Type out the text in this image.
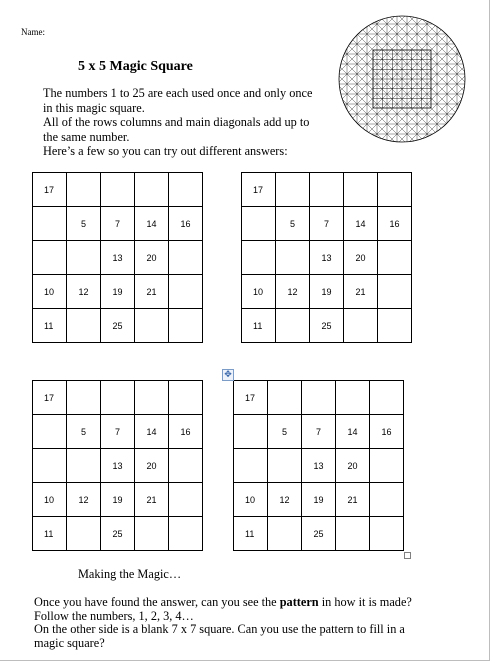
Name:
5 x 5 Magic Square

The numbers 1 to 25 are each used once and only once in this magic square.

All of the rows columns and main diagonals add up to the same number.

Here’s a few so you can try out different answers:

17				
	5	7	14	16
		13	20	
10	12	19	21	
11		25		
17				
	5	7	14	16
		13	20	
10	12	19	21	
11		25		
17				
	5	7	14	16
		13	20	
10	12	19	21	
11		25		
17				
	5	7	14	16
		13	20	
10	12	19	21	
11		25		
✥
Making the Magic…

Once you have found the answer, can you see the pattern in how it is made? Follow the numbers, 1, 2, 3, 4…

On the other side is a blank 7 x 7 square. Can you use the pattern to fill in a magic square?
